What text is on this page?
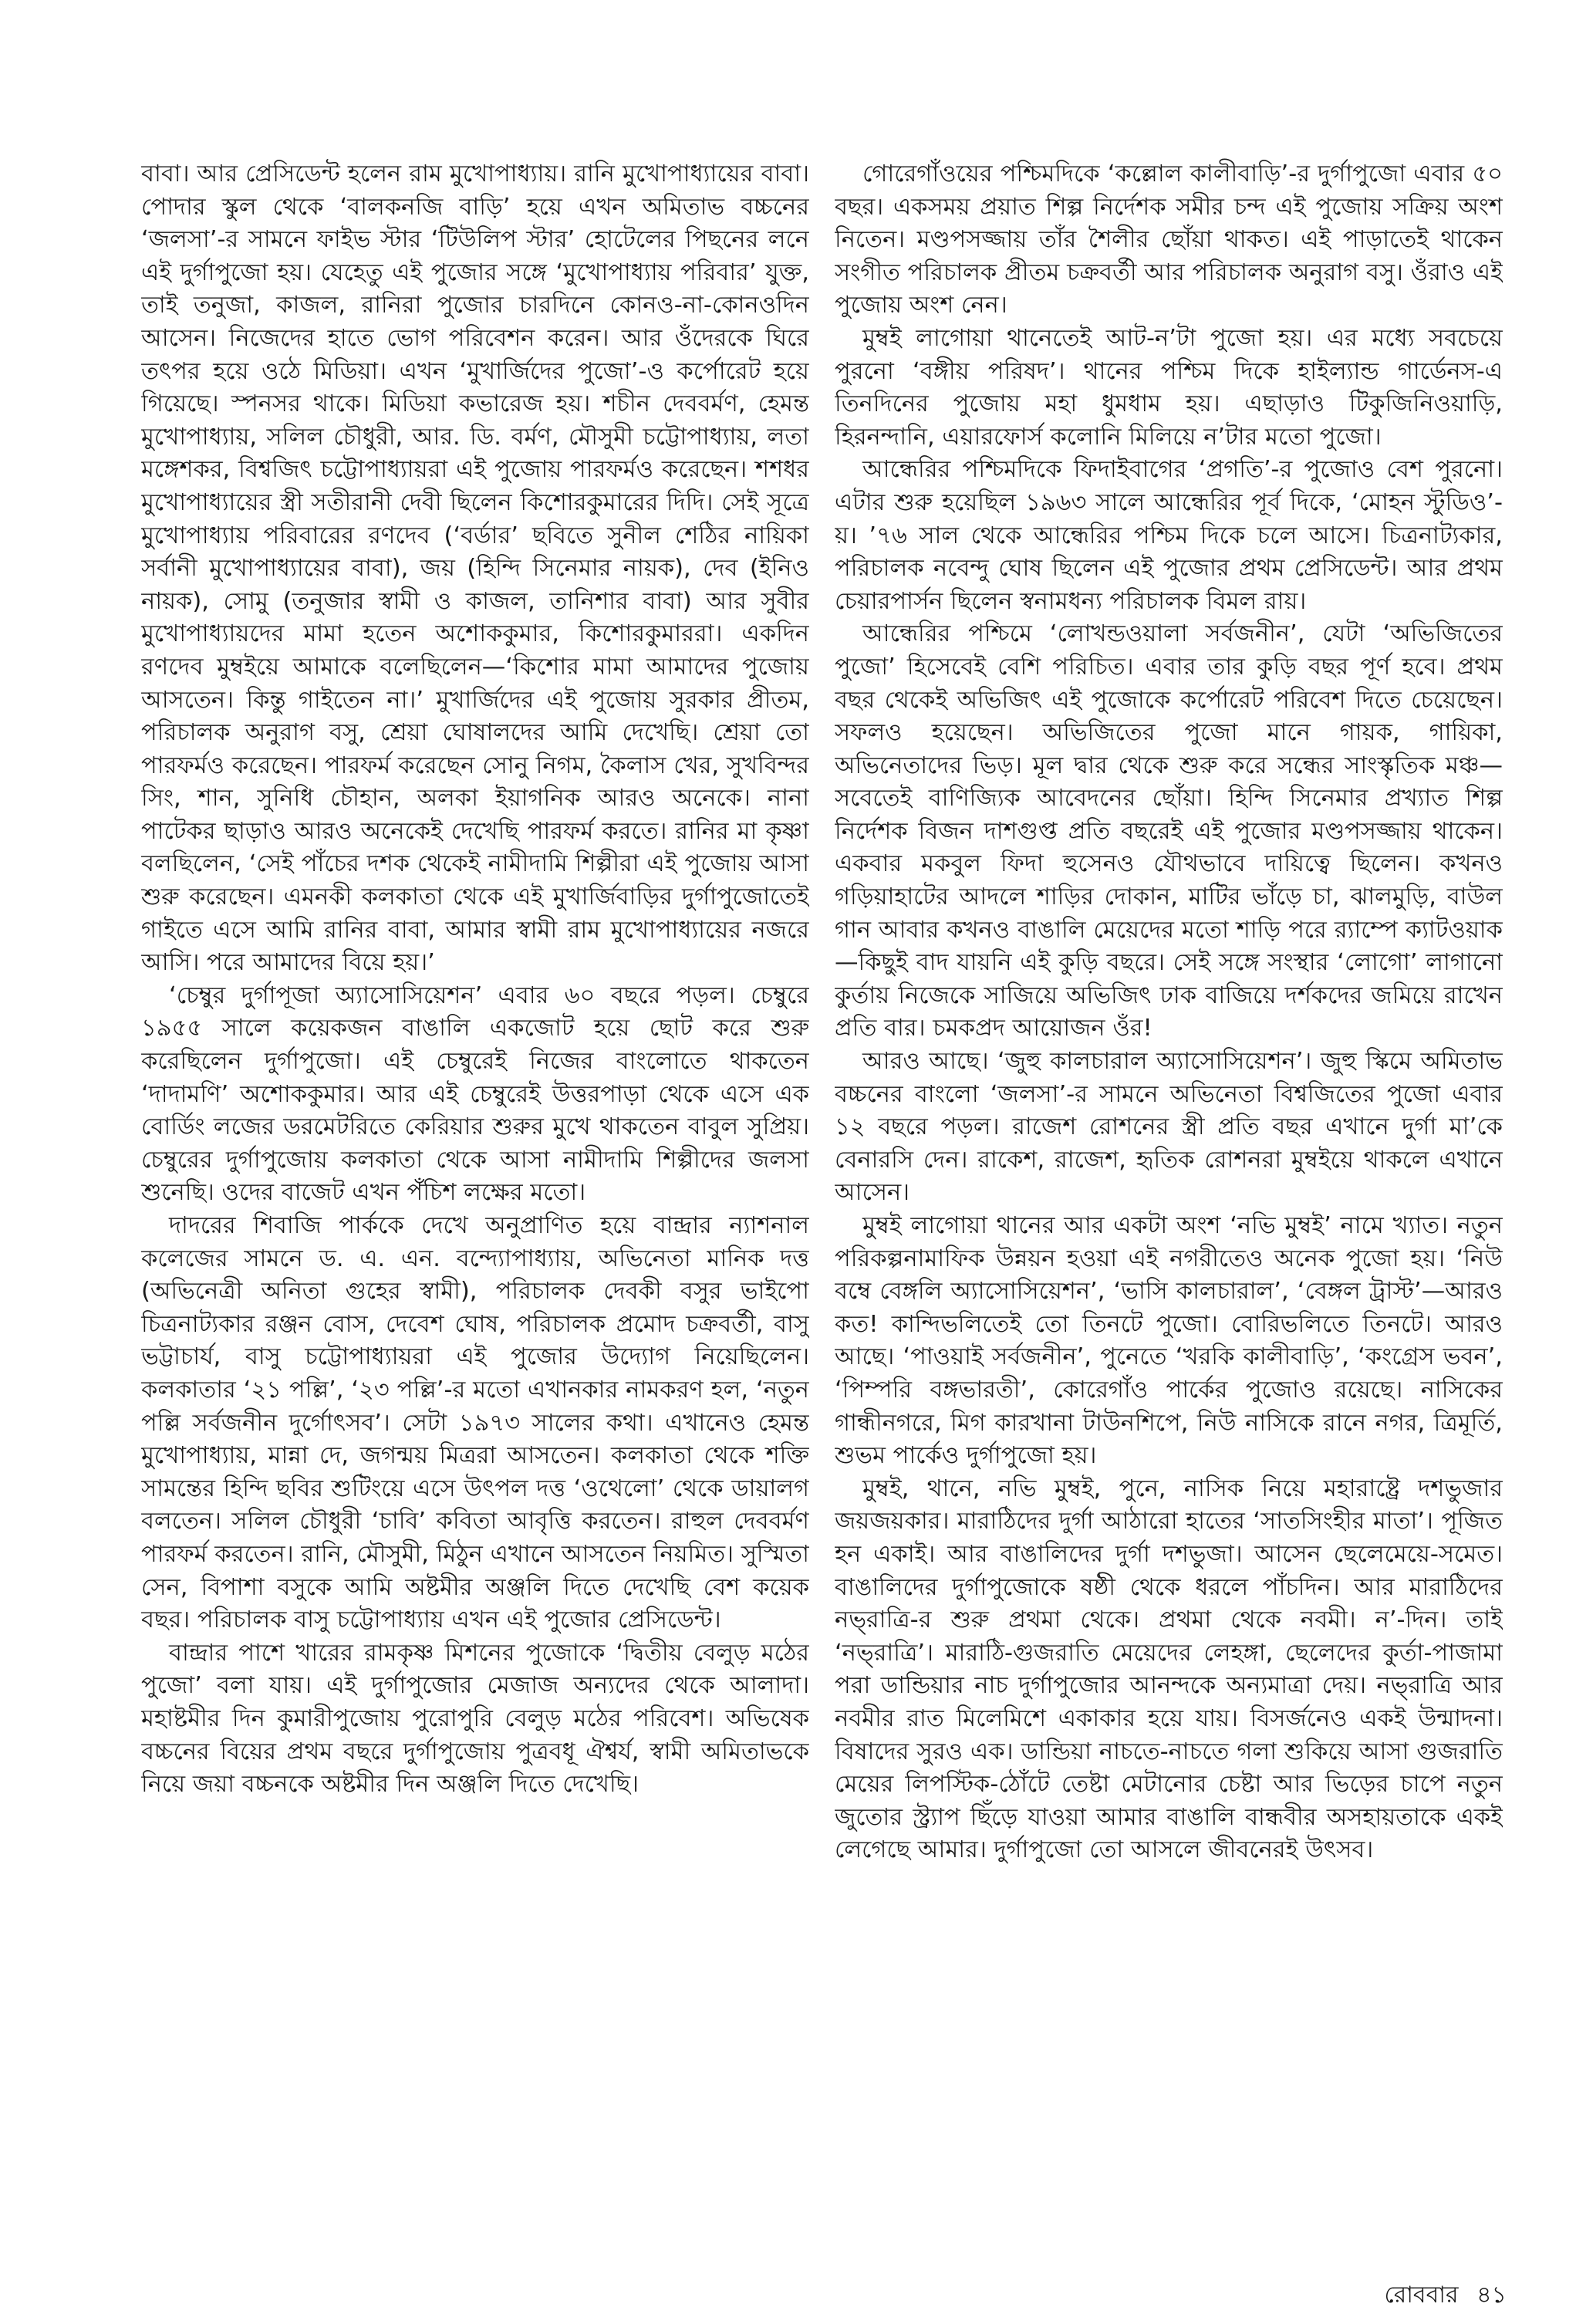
বাবা। আর প্রেসিডেন্ট হলেন রাম মুখোপাধ্যায়। রানি মুখোপাধ্যায়ের বাবা। পোদার স্কুল থেকে ‘বালকনজি বাড়ি’ হয়ে এখন অমিতাভ বচ্চনের ‘জলসা’-র সামনে ফাইভ স্টার ‘টিউলিপ স্টার’ হোটেলের পিছনের লনে এই দুর্গাপুজো হয়। যেহেতু এই পুজোর সঙ্গে ‘মুখোপাধ্যায় পরিবার’ যুক্ত, তাই তনুজা, কাজল, রানিরা পুজোর চারদিনে কোনও-না-কোনওদিন আসেন। নিজেদের হাতে ভোগ পরিবেশন করেন। আর ওঁদেরকে ঘিরে তৎপর হয়ে ওঠে মিডিয়া। এখন ‘মুখার্জিদের পুজো’-ও কর্পোরেট হয়ে গিয়েছে। স্পনসর থাকে। মিডিয়া কভারেজ হয়। শচীন দেববর্মণ, হেমন্ত মুখোপাধ্যায়, সলিল চৌধুরী, আর. ডি. বর্মণ, মৌসুমী চট্টোপাধ্যায়, লতা মঙ্গেশকর, বিশ্বজিৎ চট্টোপাধ্যায়রা এই পুজোয় পারফর্মও করেছেন। শশধর মুখোপাধ্যায়ের স্ত্রী সতীরানী দেবী ছিলেন কিশোরকুমারের দিদি। সেই সূত্রে মুখোপাধ্যায় পরিবারের রণদেব (‘বর্ডার’ ছবিতে সুনীল শেঠির নায়িকা সর্বানী মুখোপাধ্যায়ের বাবা), জয় (হিন্দি সিনেমার নায়ক), দেব (ইনিও নায়ক), সোমু (তনুজার স্বামী ও কাজল, তানিশার বাবা) আর সুবীর মুখোপাধ্যায়দের মামা হতেন অশোককুমার, কিশোরকুমাররা। একদিন রণদেব মুম্বইয়ে আমাকে বলেছিলেন—‘কিশোর মামা আমাদের পুজোয় আসতেন। কিন্তু গাইতেন না।’ মুখার্জিদের এই পুজোয় সুরকার প্রীতম, পরিচালক অনুরাগ বসু, শ্রেয়া ঘোষালদের আমি দেখেছি। শ্রেয়া তো পারফর্মও করেছেন। পারফর্ম করেছেন সোনু নিগম, কৈলাস খের, সুখবিন্দর সিং, শান, সুনিধি চৌহান, অলকা ইয়াগনিক আরও অনেকে। নানা পাটেকর ছাড়াও আরও অনেকেই দেখেছি পারফর্ম করতে। রানির মা কৃষ্ণা বলছিলেন, ‘সেই পাঁচের দশক থেকেই নামীদামি শিল্পীরা এই পুজোয় আসা শুরু করেছেন। এমনকী কলকাতা থেকে এই মুখার্জিবাড়ির দুর্গাপুজোতেই গাইতে এসে আমি রানির বাবা, আমার স্বামী রাম মুখোপাধ্যায়ের নজরে আসি। পরে আমাদের বিয়ে হয়।’

‘চেম্বুর দুর্গাপূজা অ্যাসোসিয়েশন’ এবার ৬০ বছরে পড়ল। চেম্বুরে ১৯৫৫ সালে কয়েকজন বাঙালি একজোট হয়ে ছোট করে শুরু করেছিলেন দুর্গাপুজো। এই চেম্বুরেই নিজের বাংলোতে থাকতেন ‘দাদামণি’ অশোককুমার। আর এই চেম্বুরেই উত্তরপাড়া থেকে এসে এক বোর্ডিং লজের ডরমেটরিতে কেরিয়ার শুরুর মুখে থাকতেন বাবুল সুপ্রিয়। চেম্বুরের দুর্গাপুজোয় কলকাতা থেকে আসা নামীদামি শিল্পীদের জলসা শুনেছি। ওদের বাজেট এখন পঁচিশ লক্ষের মতো।

দাদরের শিবাজি পার্ককে দেখে অনুপ্রাণিত হয়ে বান্দ্রার ন্যাশনাল কলেজের সামনে ড. এ. এন. বন্দ্যোপাধ্যায়, অভিনেতা মানিক দত্ত (অভিনেত্রী অনিতা গুহের স্বামী), পরিচালক দেবকী বসুর ভাইপো চিত্রনাট্যকার রঞ্জন বোস, দেবেশ ঘোষ, পরিচালক প্রমোদ চক্রবর্তী, বাসু ভট্টাচার্য, বাসু চট্টোপাধ্যায়রা এই পুজোর উদ্যোগ নিয়েছিলেন। কলকাতার ‘২১ পল্লি’, ‘২৩ পল্লি’-র মতো এখানকার নামকরণ হল, ‘নতুন পল্লি সর্বজনীন দুর্গোৎসব’। সেটা ১৯৭৩ সালের কথা। এখানেও হেমন্ত মুখোপাধ্যায়, মান্না দে, জগন্ময় মিত্ররা আসতেন। কলকাতা থেকে শক্তি সামন্তের হিন্দি ছবির শুটিংয়ে এসে উৎপল দত্ত ‘ওথেলো’ থেকে ডায়ালগ বলতেন। সলিল চৌধুরী ‘চাবি’ কবিতা আবৃত্তি করতেন। রাহুল দেববর্মণ পারফর্ম করতেন। রানি, মৌসুমী, মিঠুন এখানে আসতেন নিয়মিত। সুস্মিতা সেন, বিপাশা বসুকে আমি অষ্টমীর অঞ্জলি দিতে দেখেছি বেশ কয়েক বছর। পরিচালক বাসু চট্টোপাধ্যায় এখন এই পুজোর প্রেসিডেন্ট।

বান্দ্রার পাশে খারের রামকৃষ্ণ মিশনের পুজোকে ‘দ্বিতীয় বেলুড় মঠের পুজো’ বলা যায়। এই দুর্গাপুজোর মেজাজ অন্যদের থেকে আলাদা। মহাষ্টমীর দিন কুমারীপুজোয় পুরোপুরি বেলুড় মঠের পরিবেশ। অভিষেক বচ্চনের বিয়ের প্রথম বছরে দুর্গাপুজোয় পুত্রবধূ ঐশ্বর্য, স্বামী অমিতাভকে নিয়ে জয়া বচ্চনকে অষ্টমীর দিন অঞ্জলি দিতে দেখেছি।

গোরেগাঁওয়ের পশ্চিমদিকে ‘কল্লোল কালীবাড়ি’-র দুর্গাপুজো এবার ৫০ বছর। একসময় প্রয়াত শিল্প নির্দেশক সমীর চন্দ এই পুজোয় সক্রিয় অংশ নিতেন। মণ্ডপসজ্জায় তাঁর শৈলীর ছোঁয়া থাকত। এই পাড়াতেই থাকেন সংগীত পরিচালক প্রীতম চক্রবর্তী আর পরিচালক অনুরাগ বসু। ওঁরাও এই পুজোয় অংশ নেন।

মুম্বই লাগোয়া থানেতেই আট-ন’টা পুজো হয়। এর মধ্যে সবচেয়ে পুরনো ‘বঙ্গীয় পরিষদ’। থানের পশ্চিম দিকে হাইল্যান্ড গার্ডেনস-এ তিনদিনের পুজোয় মহা ধুমধাম হয়। এছাড়াও টিকুজিনিওয়াড়ি, হিরনন্দানি, এয়ারফোর্স কলোনি মিলিয়ে ন’টার মতো পুজো।

আন্ধেরির পশ্চিমদিকে ফিদাইবাগের ‘প্রগতি’-র পুজোও বেশ পুরনো। এটার শুরু হয়েছিল ১৯৬৩ সালে আন্ধেরির পূর্ব দিকে, ‘মোহন স্টুডিও’-য়। ’৭৬ সাল থেকে আন্ধেরির পশ্চিম দিকে চলে আসে। চিত্রনাট্যকার, পরিচালক নবেন্দু ঘোষ ছিলেন এই পুজোর প্রথম প্রেসিডেন্ট। আর প্রথম চেয়ারপার্সন ছিলেন স্বনামধন্য পরিচালক বিমল রায়।

আন্ধেরির পশ্চিমে ‘লোখন্ডওয়ালা সর্বজনীন’, যেটা ‘অভিজিতের পুজো’ হিসেবেই বেশি পরিচিত। এবার তার কুড়ি বছর পূর্ণ হবে। প্রথম বছর থেকেই অভিজিৎ এই পুজোকে কর্পোরেট পরিবেশ দিতে চেয়েছেন। সফলও হয়েছেন। অভিজিতের পুজো মানে গায়ক, গায়িকা, অভিনেতাদের ভিড়। মূল দ্বার থেকে শুরু করে সন্ধের সাংস্কৃতিক মঞ্চ—সবেতেই বাণিজ্যিক আবেদনের ছোঁয়া। হিন্দি সিনেমার প্রখ্যাত শিল্প নির্দেশক বিজন দাশগুপ্ত প্রতি বছরেই এই পুজোর মণ্ডপসজ্জায় থাকেন। একবার মকবুল ফিদা হুসেনও যৌথভাবে দায়িত্বে ছিলেন। কখনও গড়িয়াহাটের আদলে শাড়ির দোকান, মাটির ভাঁড়ে চা, ঝালমুড়ি, বাউল গান আবার কখনও বাঙালি মেয়েদের মতো শাড়ি পরে র‍্যাম্পে ক্যাটওয়াক—কিছুই বাদ যায়নি এই কুড়ি বছরে। সেই সঙ্গে সংস্থার ‘লোগো’ লাগানো কুর্তায় নিজেকে সাজিয়ে অভিজিৎ ঢাক বাজিয়ে দর্শকদের জমিয়ে রাখেন প্রতি বার। চমকপ্রদ আয়োজন ওঁর!

আরও আছে। ‘জুহু কালচারাল অ্যাসোসিয়েশন’। জুহু স্কিমে অমিতাভ বচ্চনের বাংলো ‘জলসা’-র সামনে অভিনেতা বিশ্বজিতের পুজো এবার ১২ বছরে পড়ল। রাজেশ রোশনের স্ত্রী প্রতি বছর এখানে দুর্গা মা’কে বেনারসি দেন। রাকেশ, রাজেশ, হৃতিক রোশনরা মুম্বইয়ে থাকলে এখানে আসেন।

মুম্বই লাগোয়া থানের আর একটা অংশ ‘নভি মুম্বই’ নামে খ্যাত। নতুন পরিকল্পনামাফিক উন্নয়ন হওয়া এই নগরীতেও অনেক পুজো হয়। ‘নিউ বম্বে বেঙ্গলি অ্যাসোসিয়েশন’, ‘ভাসি কালচারাল’, ‘বেঙ্গল ট্রাস্ট’—আরও কত! কান্দিভলিতেই তো তিনটে পুজো। বোরিভলিতে তিনটে। আরও আছে। ‘পাওয়াই সর্বজনীন’, পুনেতে ‘খরকি কালীবাড়ি’, ‘কংগ্রেস ভবন’, ‘পিম্পরি বঙ্গভারতী’, কোরেগাঁও পার্কের পুজোও রয়েছে। নাসিকের গান্ধীনগরে, মিগ কারখানা টাউনশিপে, নিউ নাসিকে রানে নগর, ত্রিমূর্তি, শুভম পার্কেও দুর্গাপুজো হয়।

মুম্বই, থানে, নভি মুম্বই, পুনে, নাসিক নিয়ে মহারাষ্ট্রে দশভুজার জয়জয়কার। মারাঠিদের দুর্গা আঠারো হাতের ‘সাতসিংহীর মাতা’। পূজিত হন একাই। আর বাঙালিদের দুর্গা দশভুজা। আসেন ছেলেমেয়ে-সমেত। বাঙালিদের দুর্গাপুজোকে ষষ্ঠী থেকে ধরলে পাঁচদিন। আর মারাঠিদের নভ্‌রাত্রি-র শুরু প্রথমা থেকে। প্রথমা থেকে নবমী। ন’-দিন। তাই ‘নভ্‌রাত্রি’। মারাঠি-গুজরাতি মেয়েদের লেহঙ্গা, ছেলেদের কুর্তা-পাজামা পরা ডান্ডিয়ার নাচ দুর্গাপুজোর আনন্দকে অন্যমাত্রা দেয়। নভ্‌রাত্রি আর নবমীর রাত মিলেমিশে একাকার হয়ে যায়। বিসর্জনেও একই উন্মাদনা। বিষাদের সুরও এক। ডান্ডিয়া নাচতে-নাচতে গলা শুকিয়ে আসা গুজরাতি মেয়ের লিপস্টিক-ঠোঁটে তেষ্টা মেটানোর চেষ্টা আর ভিড়ের চাপে নতুন জুতোর স্ট্র্যাপ ছিঁড়ে যাওয়া আমার বাঙালি বান্ধবীর অসহায়তাকে একই লেগেছে আমার। দুর্গাপুজো তো আসলে জীবনেরই উৎসব।

রোববার ৪১
